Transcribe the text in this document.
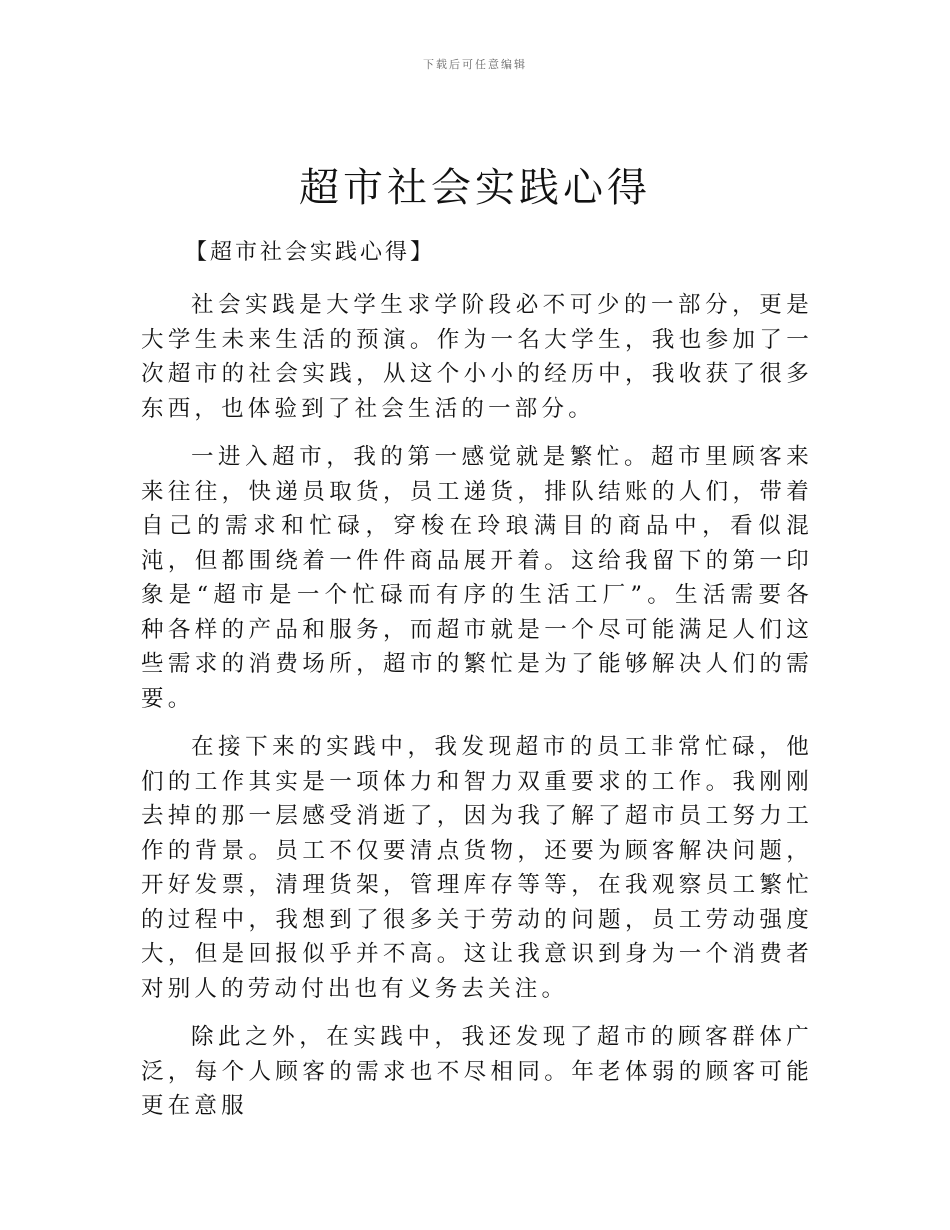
下载后可任意编辑
超市社会实践心得

【超市社会实践心得】

社会实践是大学生求学阶段必不可少的一部分，更是大学生未来生活的预演。作为一名大学生，我也参加了一次超市的社会实践，从这个小小的经历中，我收获了很多东西，也体验到了社会生活的一部分。

一进入超市，我的第一感觉就是繁忙。超市里顾客来来往往，快递员取货，员工递货，排队结账的人们，带着自己的需求和忙碌，穿梭在玲琅满目的商品中，看似混沌，但都围绕着一件件商品展开着。这给我留下的第一印象是“超市是一个忙碌而有序的生活工厂”。生活需要各种各样的产品和服务，而超市就是一个尽可能满足人们这些需求的消费场所，超市的繁忙是为了能够解决人们的需要。

在接下来的实践中，我发现超市的员工非常忙碌，他们的工作其实是一项体力和智力双重要求的工作。我刚刚去掉的那一层感受消逝了，因为我了解了超市员工努力工作的背景。员工不仅要清点货物，还要为顾客解决问题，开好发票，清理货架，管理库存等等，在我观察员工繁忙的过程中，我想到了很多关于劳动的问题，员工劳动强度大，但是回报似乎并不高。这让我意识到身为一个消费者对别人的劳动付出也有义务去关注。

除此之外，在实践中，我还发现了超市的顾客群体广泛，每个人顾客的需求也不尽相同。年老体弱的顾客可能更在意服
